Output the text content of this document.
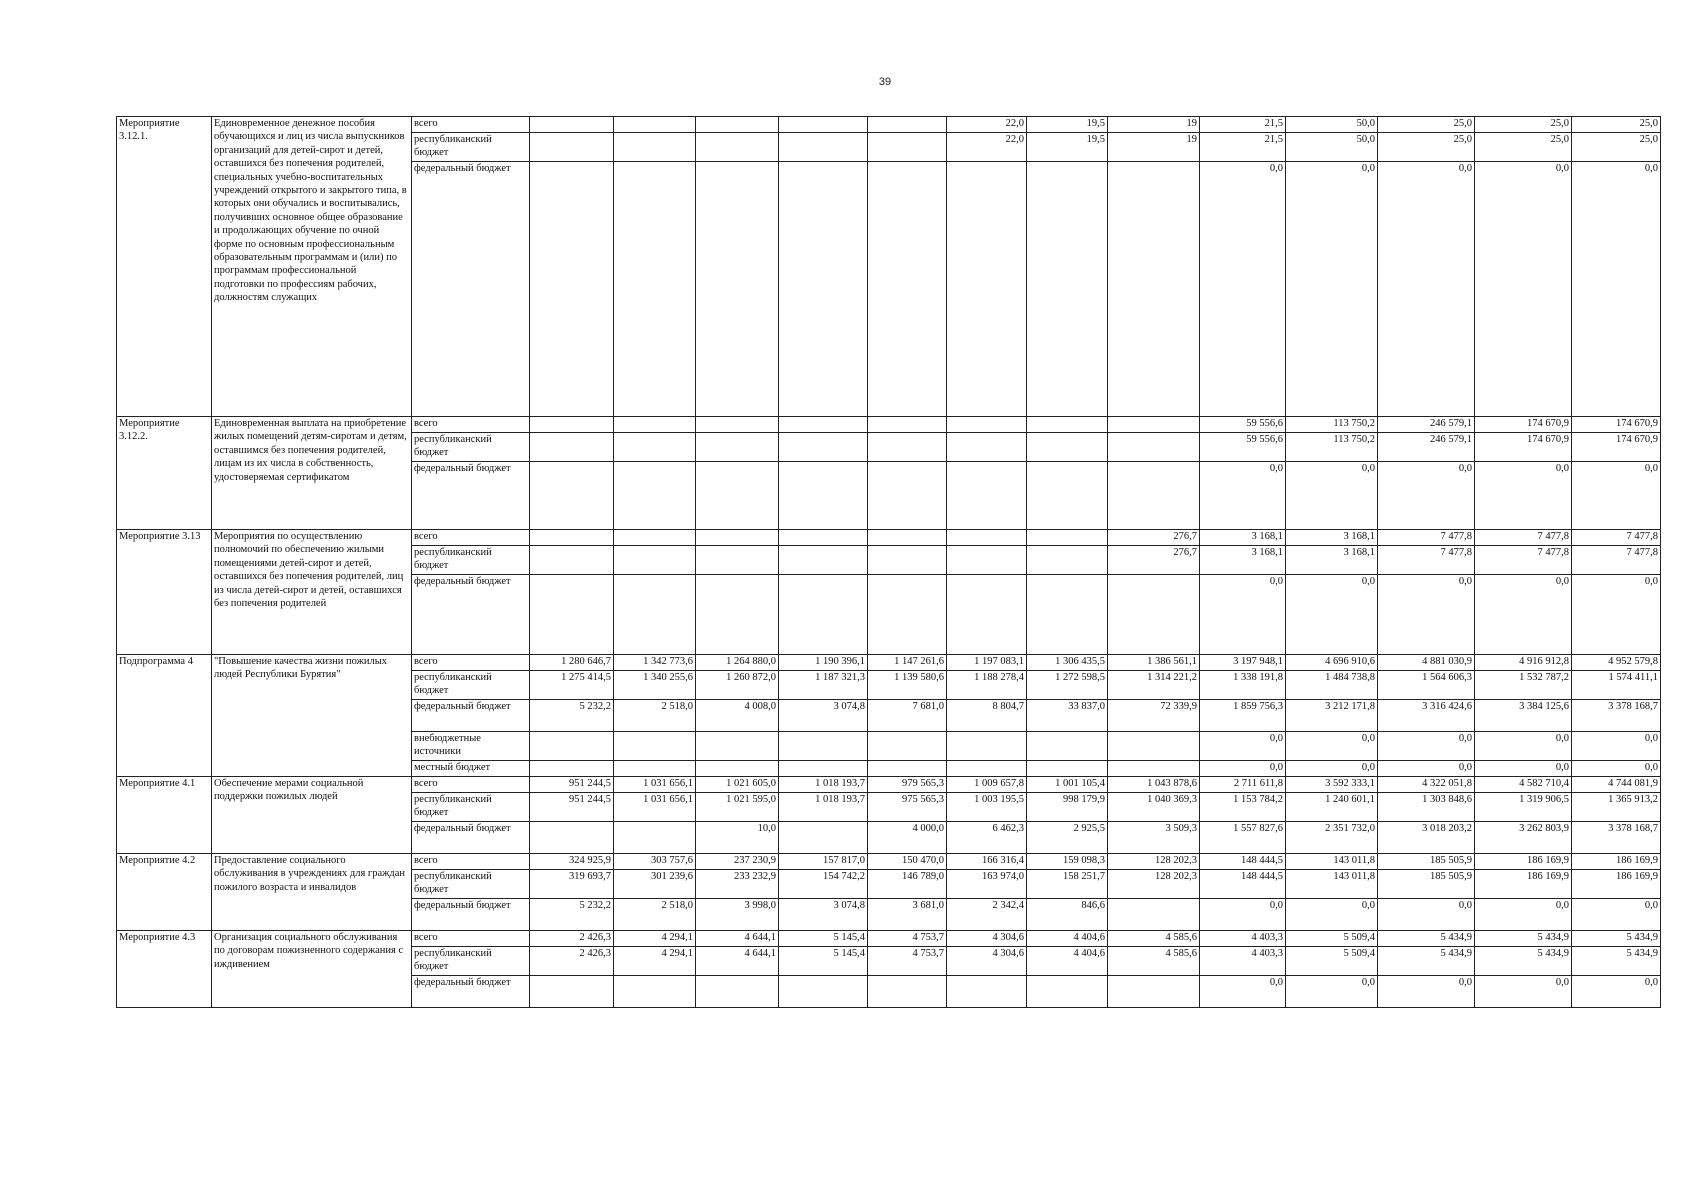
39
Мероприятие 3.12.1.	Единовременное денежное пособия обучающихся и лиц из числа выпускников организаций для детей-сирот и детей, оставшихся без попечения родителей, специальных учебно-воспитательных учреждений открытого и закрытого типа, в которых они обучались и воспитывались, получивших основное общее образование и продолжающих обучение по очной форме по основным профессиональным образовательным программам и (или) по программам профессиональной подготовки по профессиям рабочих, должностям служащих	всего						22,0	19,5	19	21,5	50,0	25,0	25,0	25,0
		республиканский бюджет						22,0	19,5	19	21,5	50,0	25,0	25,0	25,0
		федеральный бюджет									0,0	0,0	0,0	0,0	0,0
Мероприятие 3.12.2.	Единовременная выплата на приобретение жилых помещений детям-сиротам и детям, оставшимся без попечения родителей, лицам из их числа в собственность, удостоверяемая сертификатом	всего									59 556,6	113 750,2	246 579,1	174 670,9	174 670,9
		республиканский бюджет									59 556,6	113 750,2	246 579,1	174 670,9	174 670,9
		федеральный бюджет									0,0	0,0	0,0	0,0	0,0
Мероприятие 3.13	Мероприятия по осуществлению полномочий по обеспечению жилыми помещениями детей-сирот и детей, оставшихся без попечения родителей, лиц из числа детей-сирот и детей, оставшихся без попечения родителей	всего								276,7	3 168,1	3 168,1	7 477,8	7 477,8	7 477,8
		республиканский бюджет								276,7	3 168,1	3 168,1	7 477,8	7 477,8	7 477,8
		федеральный бюджет									0,0	0,0	0,0	0,0	0,0
Подпрограмма 4	"Повышение качества жизни пожилых людей Республики Бурятия"	всего	1 280 646,7	1 342 773,6	1 264 880,0	1 190 396,1	1 147 261,6	1 197 083,1	1 306 435,5	1 386 561,1	3 197 948,1	4 696 910,6	4 881 030,9	4 916 912,8	4 952 579,8
		республиканский бюджет	1 275 414,5	1 340 255,6	1 260 872,0	1 187 321,3	1 139 580,6	1 188 278,4	1 272 598,5	1 314 221,2	1 338 191,8	1 484 738,8	1 564 606,3	1 532 787,2	1 574 411,1
		федеральный бюджет	5 232,2	2 518,0	4 008,0	3 074,8	7 681,0	8 804,7	33 837,0	72 339,9	1 859 756,3	3 212 171,8	3 316 424,6	3 384 125,6	3 378 168,7
		внебюджетные источники									0,0	0,0	0,0	0,0	0,0
		местный бюджет									0,0	0,0	0,0	0,0	0,0
Мероприятие 4.1	Обеспечение мерами социальной поддержки пожилых людей	всего	951 244,5	1 031 656,1	1 021 605,0	1 018 193,7	979 565,3	1 009 657,8	1 001 105,4	1 043 878,6	2 711 611,8	3 592 333,1	4 322 051,8	4 582 710,4	4 744 081,9
		республиканский бюджет	951 244,5	1 031 656,1	1 021 595,0	1 018 193,7	975 565,3	1 003 195,5	998 179,9	1 040 369,3	1 153 784,2	1 240 601,1	1 303 848,6	1 319 906,5	1 365 913,2
		федеральный бюджет			10,0		4 000,0	6 462,3	2 925,5	3 509,3	1 557 827,6	2 351 732,0	3 018 203,2	3 262 803,9	3 378 168,7
Мероприятие 4.2	Предоставление социального обслуживания в учреждениях для граждан пожилого возраста и инвалидов	всего	324 925,9	303 757,6	237 230,9	157 817,0	150 470,0	166 316,4	159 098,3	128 202,3	148 444,5	143 011,8	185 505,9	186 169,9	186 169,9
		республиканский бюджет	319 693,7	301 239,6	233 232,9	154 742,2	146 789,0	163 974,0	158 251,7	128 202,3	148 444,5	143 011,8	185 505,9	186 169,9	186 169,9
		федеральный бюджет	5 232,2	2 518,0	3 998,0	3 074,8	3 681,0	2 342,4	846,6		0,0	0,0	0,0	0,0	0,0
Мероприятие 4.3	Организация социального обслуживания по договорам пожизненного содержания с иждивением	всего	2 426,3	4 294,1	4 644,1	5 145,4	4 753,7	4 304,6	4 404,6	4 585,6	4 403,3	5 509,4	5 434,9	5 434,9	5 434,9
		республиканский бюджет	2 426,3	4 294,1	4 644,1	5 145,4	4 753,7	4 304,6	4 404,6	4 585,6	4 403,3	5 509,4	5 434,9	5 434,9	5 434,9
		федеральный бюджет									0,0	0,0	0,0	0,0	0,0
